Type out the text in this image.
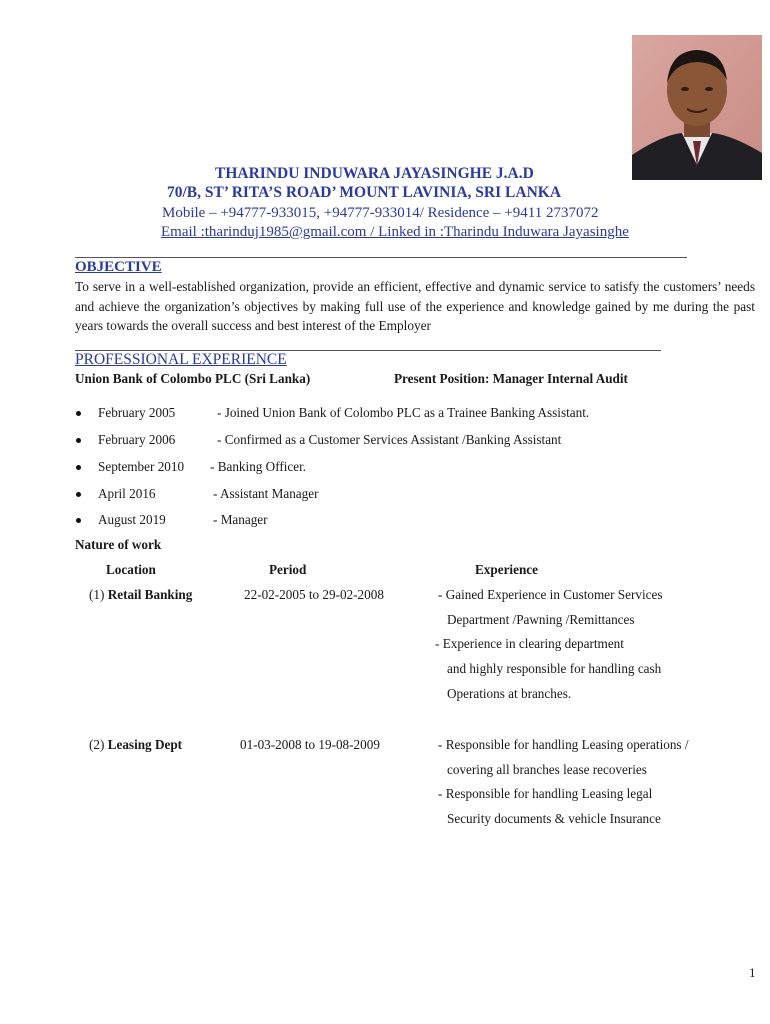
THARINDU INDUWARA JAYASINGHE J.A.D
70/B, ST’ RITA’S ROAD’ MOUNT LAVINIA, SRI LANKA
Mobile – +94777-933015, +94777-933014/ Residence – +9411 2737072
Email :tharinduj1985@gmail.com / Linked in :Tharindu Induwara Jayasinghe
OBJECTIVE
To serve in a well-established organization, provide an efficient, effective and dynamic service to satisfy the customers’ needs and achieve the organization’s objectives by making full use of the experience and knowledge gained by me during the past years towards the overall success and best interest of the Employer
PROFESSIONAL EXPERIENCE
Union Bank of Colombo PLC (Sri Lanka)	Present Position: Manager Internal Audit
February 2005	- Joined Union Bank of Colombo PLC as a Trainee Banking Assistant.
February 2006	- Confirmed as a Customer Services Assistant /Banking Assistant
September 2010 - Banking Officer.
April 2016	- Assistant Manager
August 2019	- Manager
Nature of work
Location	Period	Experience
(1) Retail Banking	22-02-2005 to 29-02-2008	- Gained Experience in Customer Services
Department /Pawning /Remittances
- Experience in clearing department
and highly responsible for handling cash
Operations at branches.
(2) Leasing Dept	01-03-2008 to 19-08-2009	- Responsible for handling Leasing operations /
covering all branches lease recoveries
- Responsible for handling Leasing legal
Security documents & vehicle Insurance
1
